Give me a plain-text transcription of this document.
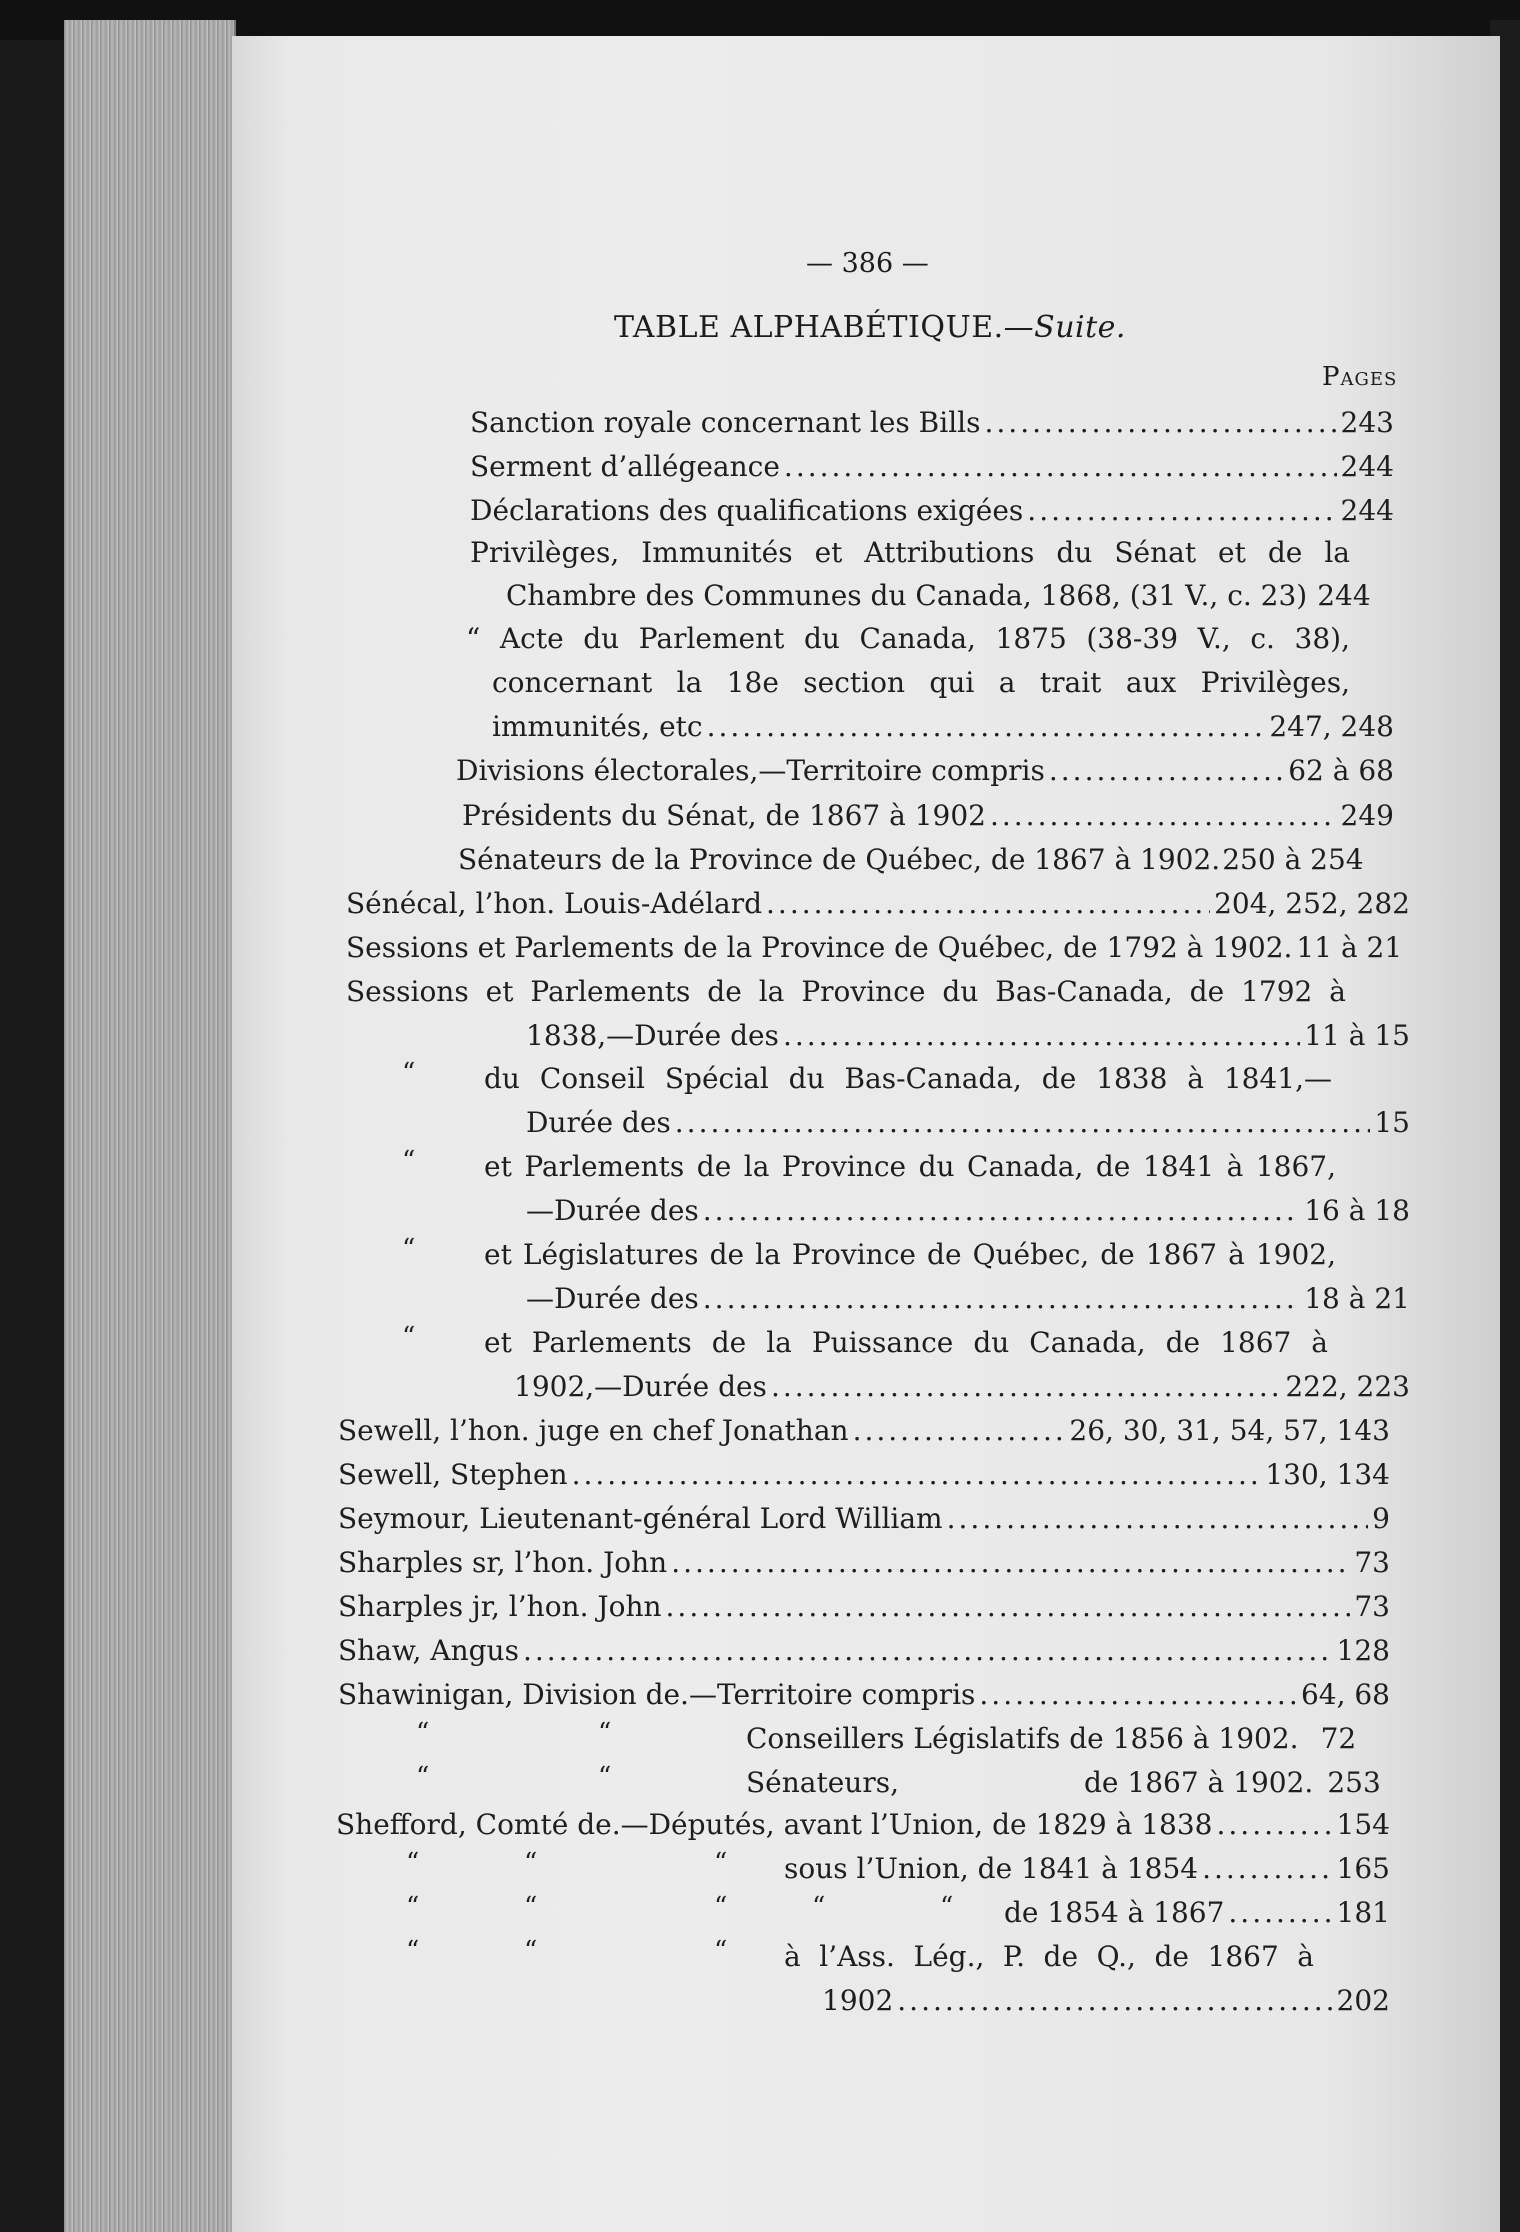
— 386 —
TABLE ALPHABÉTIQUE.—Suite.
Pages
Sanction royale concernant les Bills .....	243
Serment d’allégeance .....	244
Déclarations des qualifications exigées .....	244
Privilèges, Immunités et Attributions du Sénat et de la
Chambre des Communes du Canada, 1868, (31 V., c. 23) 244
“ Acte du Parlement du Canada, 1875 (38-39 V., c. 38),
concernant la 18e section qui a trait aux Privilèges,
immunités, etc .....	247, 248
Divisions électorales,—Territoire compris .....	62 à 68
Présidents du Sénat, de 1867 à 1902 .....	249
Sénateurs de la Province de Québec, de 1867 à 1902. 250 à 254
Sénécal, l’hon. Louis-Adélard .....	204, 252, 282
Sessions et Parlements de la Province de Québec, de 1792 à 1902. 11 à 21
Sessions et Parlements de la Province du Bas-Canada, de 1792 à
1838,—Durée des .....	11 à 15
“ du Conseil Spécial du Bas-Canada, de 1838 à 1841,—
Durée des .....	15
“ et Parlements de la Province du Canada, de 1841 à 1867,
—Durée des .....	16 à 18
“ et Législatures de la Province de Québec, de 1867 à 1902,
—Durée des .....	18 à 21
“ et Parlements de la Puissance du Canada, de 1867 à
1902,—Durée des .....	222, 223
Sewell, l’hon. juge en chef Jonathan .....	26, 30, 31, 54, 57, 143
Sewell, Stephen .....	130, 134
Seymour, Lieutenant-général Lord William .....	9
Sharples sr, l’hon. John .....	73
Sharples jr, l’hon. John .....	73
Shaw, Angus .....	128
Shawinigan, Division de.—Territoire compris .....	64, 68
“	“	Conseillers Législatifs de 1856 à 1902. 72
“	“	Sénateurs,	de 1867 à 1902. 253
Shefford, Comté de.—Députés, avant l’Union, de 1829 à 1838 .....	154
“	“	“ sous l’Union, de 1841 à 1854 .....	165
“	“	“	“	“ de 1854 à 1867 .....	181
“	“	“ à l’Ass. Lég., P. de Q., de 1867 à
1902 .....	202
